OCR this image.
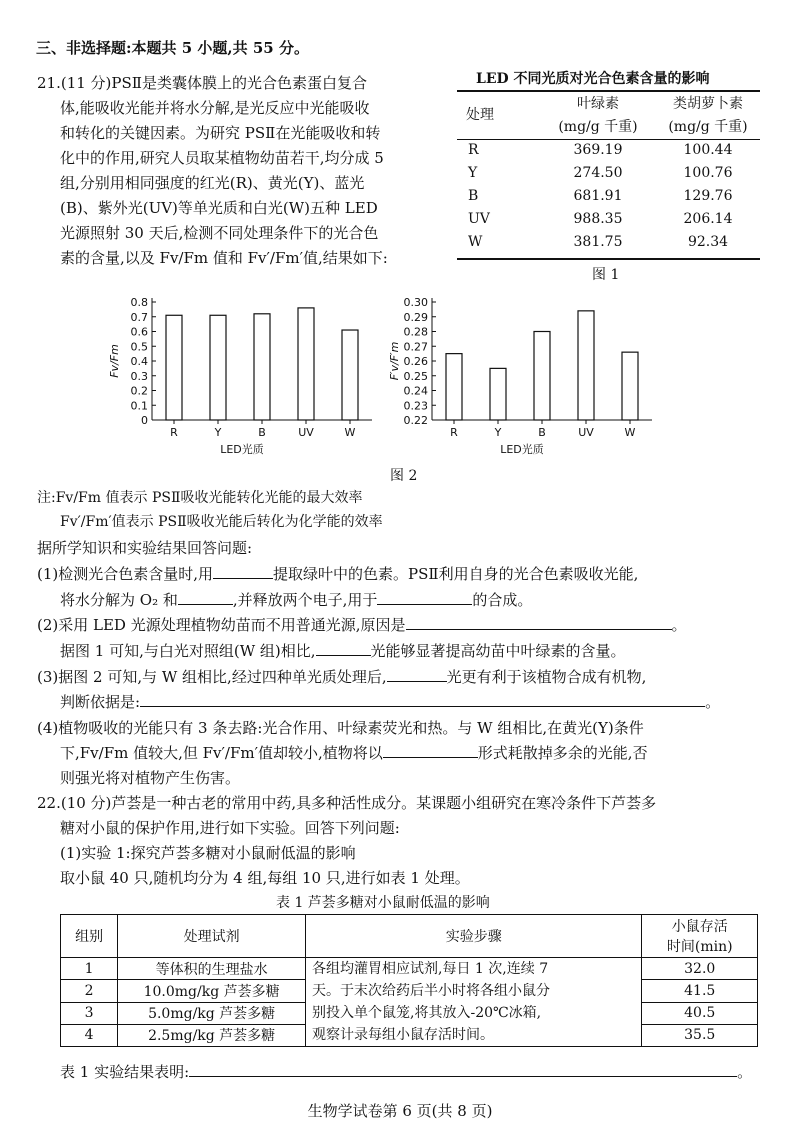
三、非选择题:本题共 5 小题,共 55 分。
21.(11 分)PSⅡ是类囊体膜上的光合色素蛋白复合
体,能吸收光能并将水分解,是光反应中光能吸收
和转化的关键因素。为研究 PSⅡ在光能吸收和转
化中的作用,研究人员取某植物幼苗若干,均分成 5
组,分别用相同强度的红光(R)、黄光(Y)、蓝光
(B)、紫外光(UV)等单光质和白光(W)五种 LED
光源照射 30 天后,检测不同处理条件下的光合色
素的含量,以及 Fv/Fm 值和 Fv′/Fm′值,结果如下:
LED 不同光质对光合色素含量的影响
处理
叶绿素	类胡萝卜素
(mg/g 千重)	(mg/g 千重)
R	369.19	100.44
Y	274.50	100.76
B	681.91	129.76
UV	988.35	206.14
W	381.75	92.34
图 1
0
0.1
0.2
0.3
0.4
0.5
0.6
0.7
0.8
Fv/Fm
R	Y	B	UV	W
LED光质
0.22
0.23
0.24
0.25
0.26
0.27
0.28
0.29
0.30
F′v/F′m
R	Y	B	UV	W
LED光质
图 2
注:Fv/Fm 值表示 PSⅡ吸收光能转化光能的最大效率
Fv′/Fm′值表示 PSⅡ吸收光能后转化为化学能的效率
据所学知识和实验结果回答问题:
(1)检测光合色素含量时,用	提取绿叶中的色素。PSⅡ利用自身的光合色素吸收光能,
将水分解为 O₂ 和	,并释放两个电子,用于	的合成。
(2)采用 LED 光源处理植物幼苗而不用普通光源,原因是	。
据图 1 可知,与白光对照组(W 组)相比,	光能够显著提高幼苗中叶绿素的含量。
(3)据图 2 可知,与 W 组相比,经过四种单光质处理后,	光更有利于该植物合成有机物,
判断依据是:	。
(4)植物吸收的光能只有 3 条去路:光合作用、叶绿素荧光和热。与 W 组相比,在黄光(Y)条件
下,Fv/Fm 值较大,但 Fv′/Fm′值却较小,植物将以	形式耗散掉多余的光能,否
则强光将对植物产生伤害。
22.(10 分)芦荟是一种古老的常用中药,具多种活性成分。某课题小组研究在寒冷条件下芦荟多
糖对小鼠的保护作用,进行如下实验。回答下列问题:
(1)实验 1:探究芦荟多糖对小鼠耐低温的影响
取小鼠 40 只,随机均分为 4 组,每组 10 只,进行如表 1 处理。
表 1 芦荟多糖对小鼠耐低温的影响
组别	处理试剂	实验步骤	小鼠存活
时间(min)

1	等体积的生理盐水	各组均灌胃相应试剂,每日 1 次,连续 7
天。于末次给药后半小时将各组小鼠分
别投入单个鼠笼,将其放入-20℃冰箱,
观察计录每组小鼠存活时间。	32.0
2	10.0mg/kg 芦荟多糖		41.5
3	5.0mg/kg 芦荟多糖		40.5
4	2.5mg/kg 芦荟多糖		35.5
表 1 实验结果表明:	。
生物学试卷第 6 页(共 8 页)
